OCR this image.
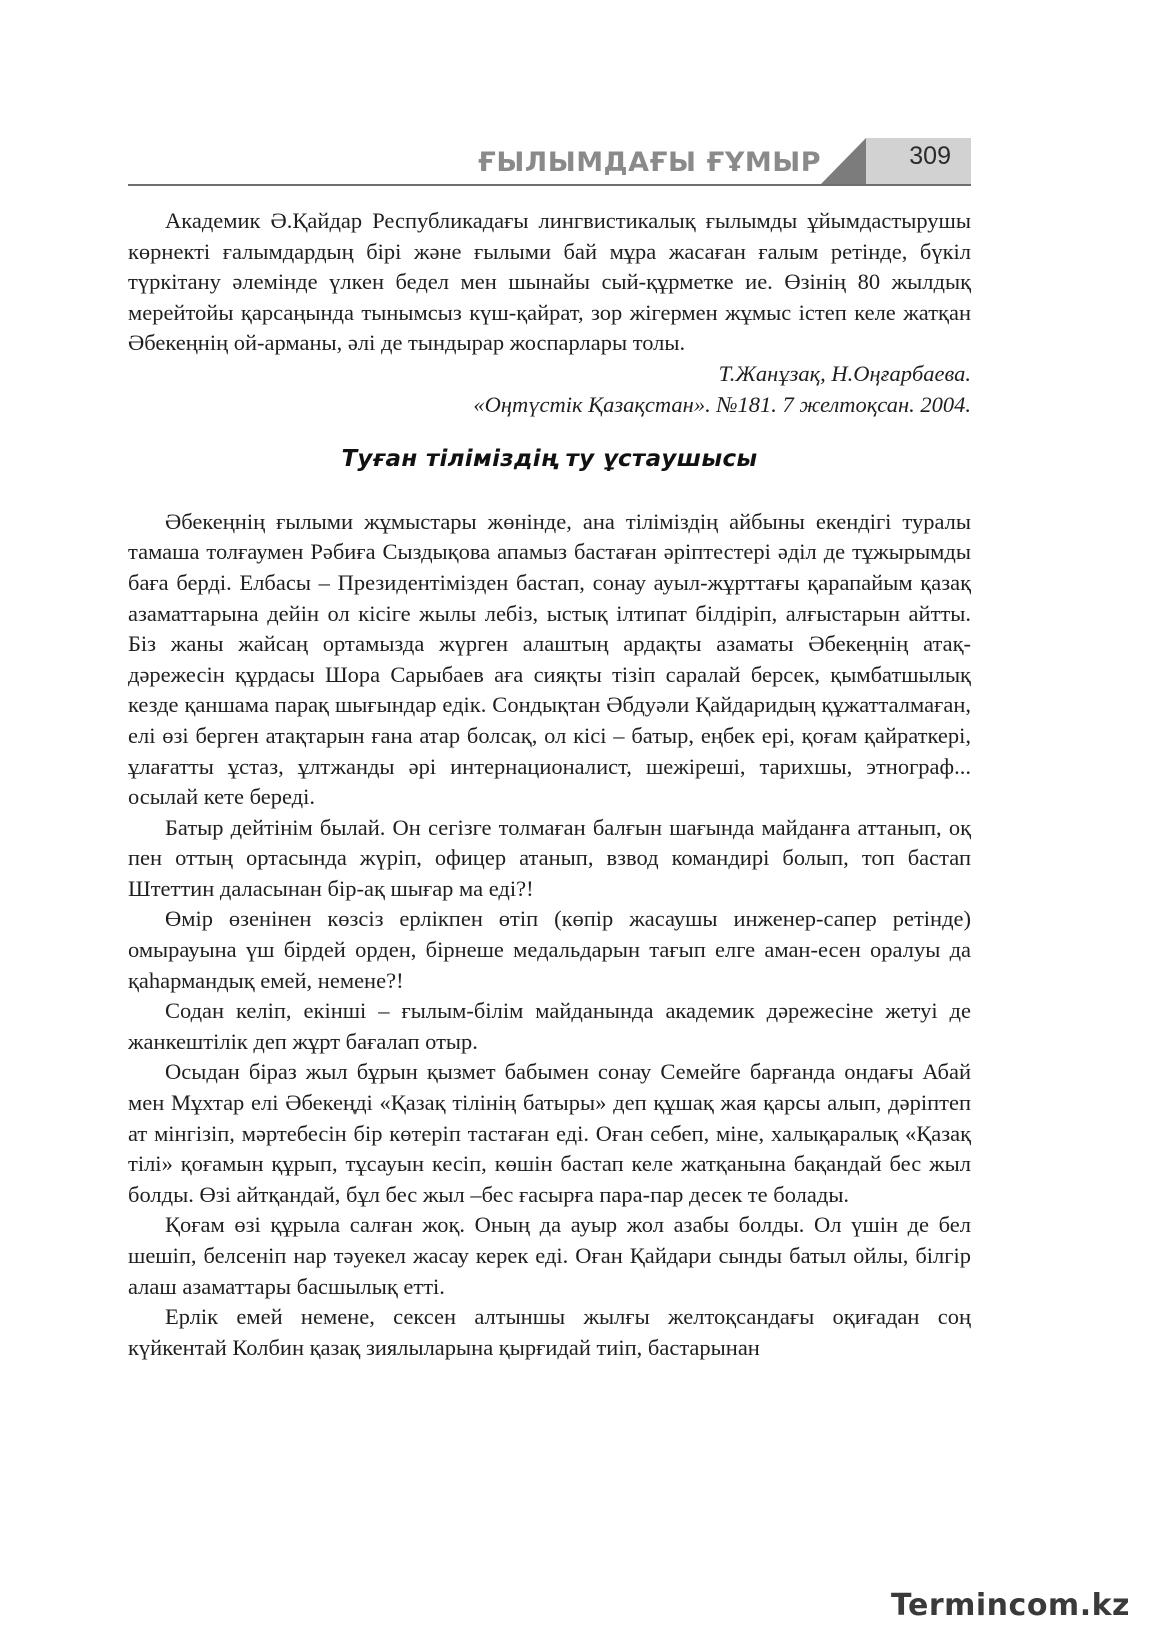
ҒЫЛЫМДАҒЫ ҒҰМЫР	309

Академик Ә.Қайдар Республикадағы лингвистикалық ғылымды ұйымдастырушы көрнекті ғалымдардың бірі және ғылыми бай мұра жасаған ғалым ретінде, бүкіл түркітану әлемінде үлкен бедел мен шынайы сый-құрметке ие. Өзінің 80 жылдық мерейтойы қарсаңында тынымсыз күш-қайрат, зор жігермен жұмыс істеп келе жатқан Әбекеңнің ой-арманы, әлі де тындырар жоспарлары толы.

Т.Жанұзақ, Н.Оңғарбаева.

«Оңтүстік Қазақстан». №181. 7 желтоқсан. 2004.

Туған тіліміздің ту ұстаушысы

Әбекеңнің ғылыми жұмыстары жөнінде, ана тіліміздің айбыны екендігі туралы тамаша толғаумен Рәбиға Сыздықова апамыз бастаған әріптестері әділ де тұжырымды баға берді. Елбасы – Президентімізден бастап, сонау ауыл-жұрттағы қарапайым қазақ азаматтарына дейін ол кісіге жылы лебіз, ыстық ілтипат білдіріп, алғыстарын айтты. Біз жаны жайсаң ортамызда жүрген алаштың ардақты азаматы Әбекеңнің атақ-дәрежесін құрдасы Шора Сарыбаев аға сияқты тізіп саралай берсек, қымбатшылық кезде қаншама парақ шығындар едік. Сондықтан Әбдуәли Қайдаридың құжатталмаған, елі өзі берген атақтарын ғана атар болсақ, ол кісі – батыр, еңбек ері, қоғам қайраткері, ұлағатты ұстаз, ұлтжанды әрі интернационалист, шежіреші, тарихшы, этнограф... осылай кете береді.

Батыр дейтінім былай. Он сегізге толмаған балғын шағында майданға аттанып, оқ пен оттың ортасында жүріп, офицер атанып, взвод командирі болып, топ бастап Штеттин даласынан бір-ақ шығар ма еді?!

Өмір өзенінен көзсіз ерлікпен өтіп (көпір жасаушы инженер-сапер ретінде) омырауына үш бірдей орден, бірнеше медальдарын тағып елге аман-есен оралуы да қаһармандық емей, немене?!

Содан келіп, екінші – ғылым-білім майданында академик дәрежесіне жетуі де жанкештілік деп жұрт бағалап отыр.

Осыдан біраз жыл бұрын қызмет бабымен сонау Семейге барғанда ондағы Абай мен Мұхтар елі Әбекеңді «Қазақ тілінің батыры» деп құшақ жая қарсы алып, дәріптеп ат мінгізіп, мәртебесін бір көтеріп тастаған еді. Оған себеп, міне, халықаралық «Қазақ тілі» қоғамын құрып, тұсауын кесіп, көшін бастап келе жатқанына бақандай бес жыл болды. Өзі айтқандай, бұл бес жыл –бес ғасырға пара-пар десек те болады.

Қоғам өзі құрыла салған жоқ. Оның да ауыр жол азабы болды. Ол үшін де бел шешіп, белсеніп нар тәуекел жасау керек еді. Оған Қайдари сынды батыл ойлы, білгір алаш азаматтары басшылық етті.

Ерлік емей немене, сексен алтыншы жылғы желтоқсандағы оқиғадан соң күйкентай Колбин қазақ зиялыларына қырғидай тиіп, бастарынан

Termincom.kz
